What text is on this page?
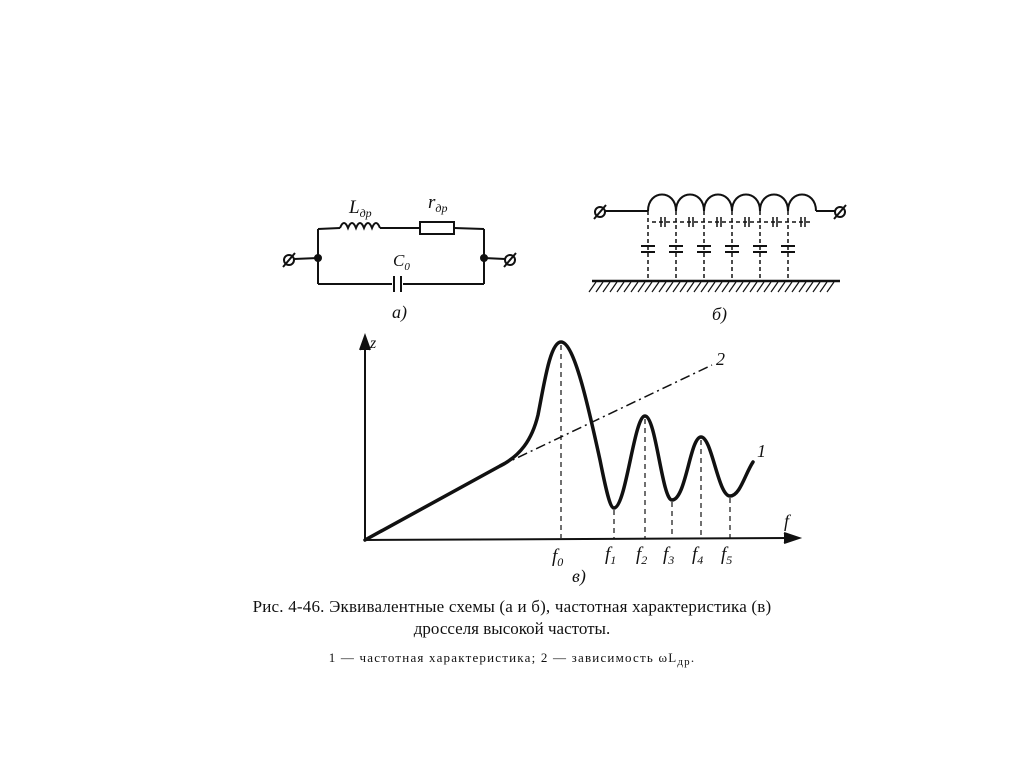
$L_{др}$	$r_{др}$
$C_0$
а)	б)
z
f
2
1
$f_0$ $f_1$ $f_2$ $f_3$ $f_4$ $f_5$
в)
Рис. 4-46. Эквивалентные схемы (а и б), частотная характеристика (в)
дросселя высокой частоты.
1 — частотная характеристика; 2 — зависимость $\omega L_{др}$.
